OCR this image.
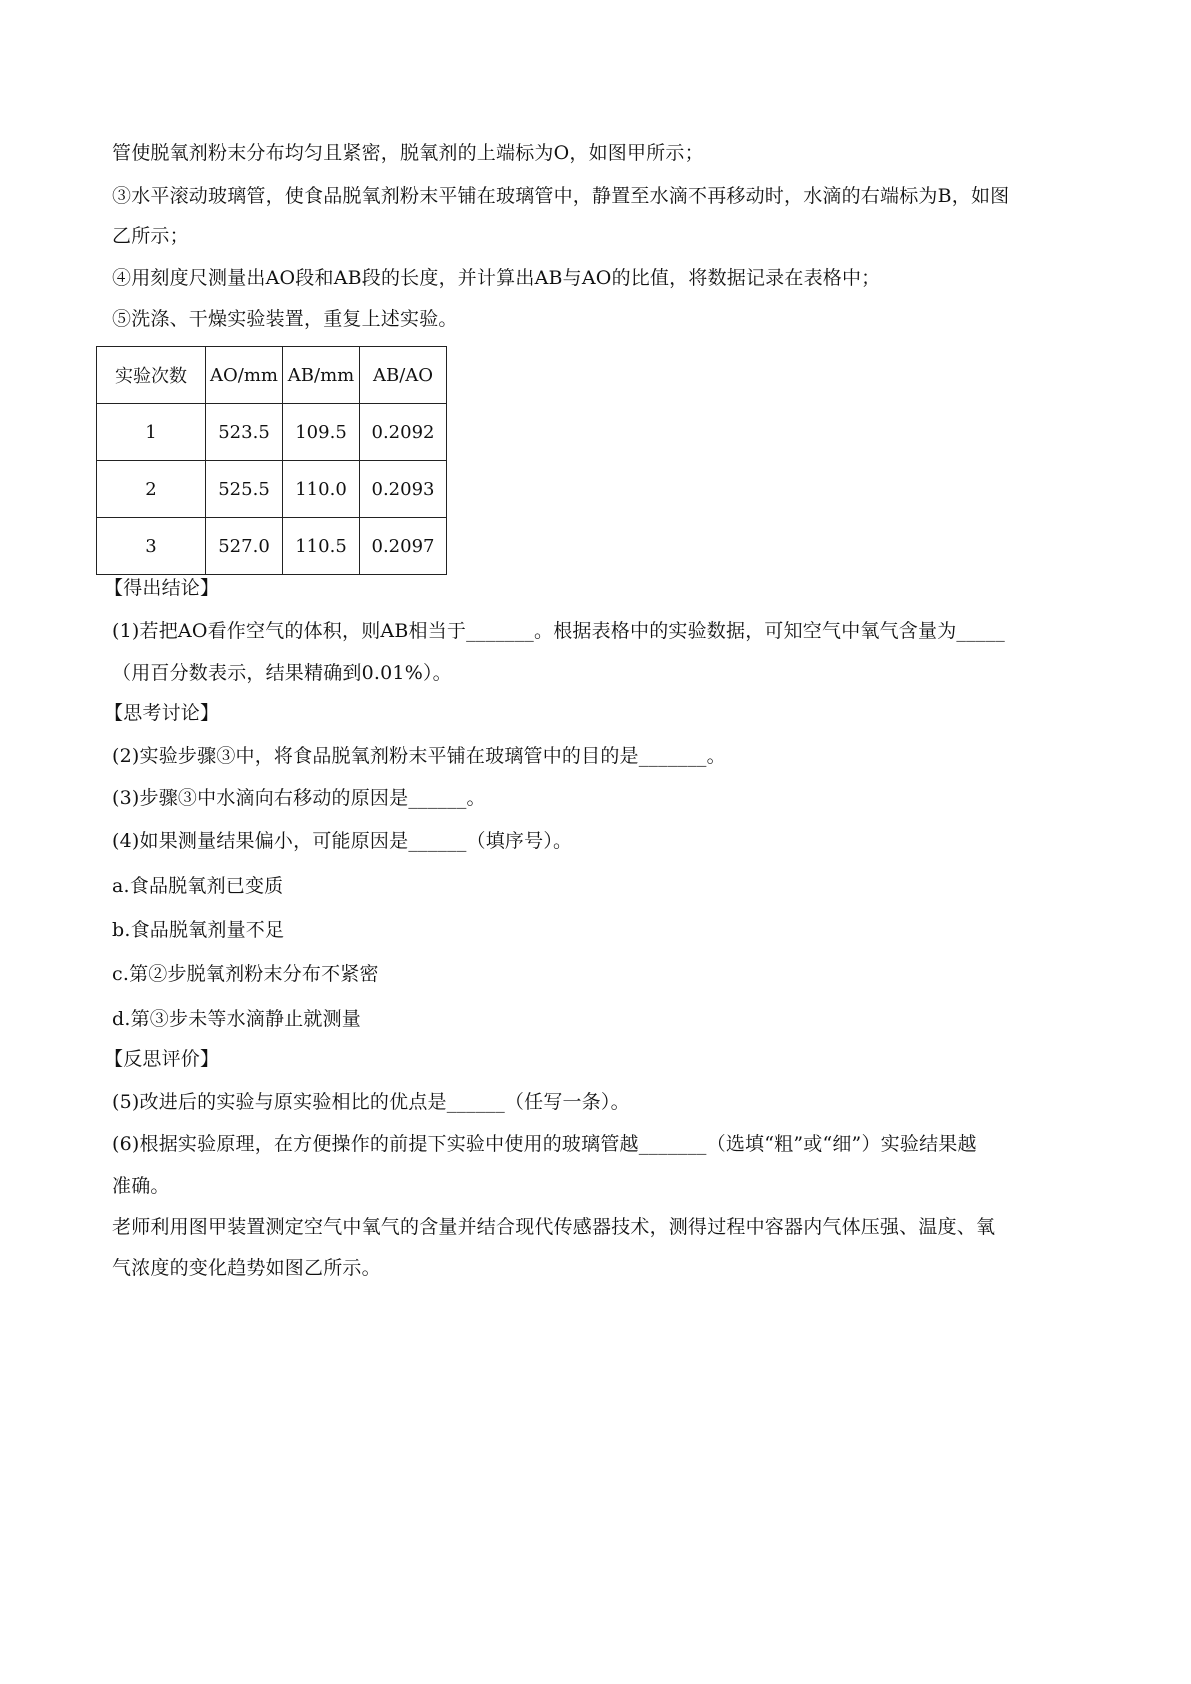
管使脱氧剂粉末分布均匀且紧密，脱氧剂的上端标为O，如图甲所示；
③水平滚动玻璃管，使食品脱氧剂粉末平铺在玻璃管中，静置至水滴不再移动时，水滴的右端标为B，如图
乙所示；
④用刻度尺测量出AO段和AB段的长度，并计算出AB与AO的比值，将数据记录在表格中；
⑤洗涤、干燥实验装置，重复上述实验。
实验次数	AO/mm	AB/mm	AB/AO
1	523.5	109.5	0.2092
2	525.5	110.0	0.2093
3	527.0	110.5	0.2097
【得出结论】
(1)若把AO看作空气的体积，则AB相当于_______。根据表格中的实验数据，可知空气中氧气含量为_____
（用百分数表示，结果精确到0.01%）。
【思考讨论】
(2)实验步骤③中，将食品脱氧剂粉末平铺在玻璃管中的目的是_______。
(3)步骤③中水滴向右移动的原因是______。
(4)如果测量结果偏小，可能原因是______（填序号）。
a.食品脱氧剂已变质
b.食品脱氧剂量不足
c.第②步脱氧剂粉末分布不紧密
d.第③步未等水滴静止就测量
【反思评价】
(5)改进后的实验与原实验相比的优点是______（任写一条）。
(6)根据实验原理，在方便操作的前提下实验中使用的玻璃管越_______（选填“粗”或“细”）实验结果越
准确。
老师利用图甲装置测定空气中氧气的含量并结合现代传感器技术，测得过程中容器内气体压强、温度、氧
气浓度的变化趋势如图乙所示。
